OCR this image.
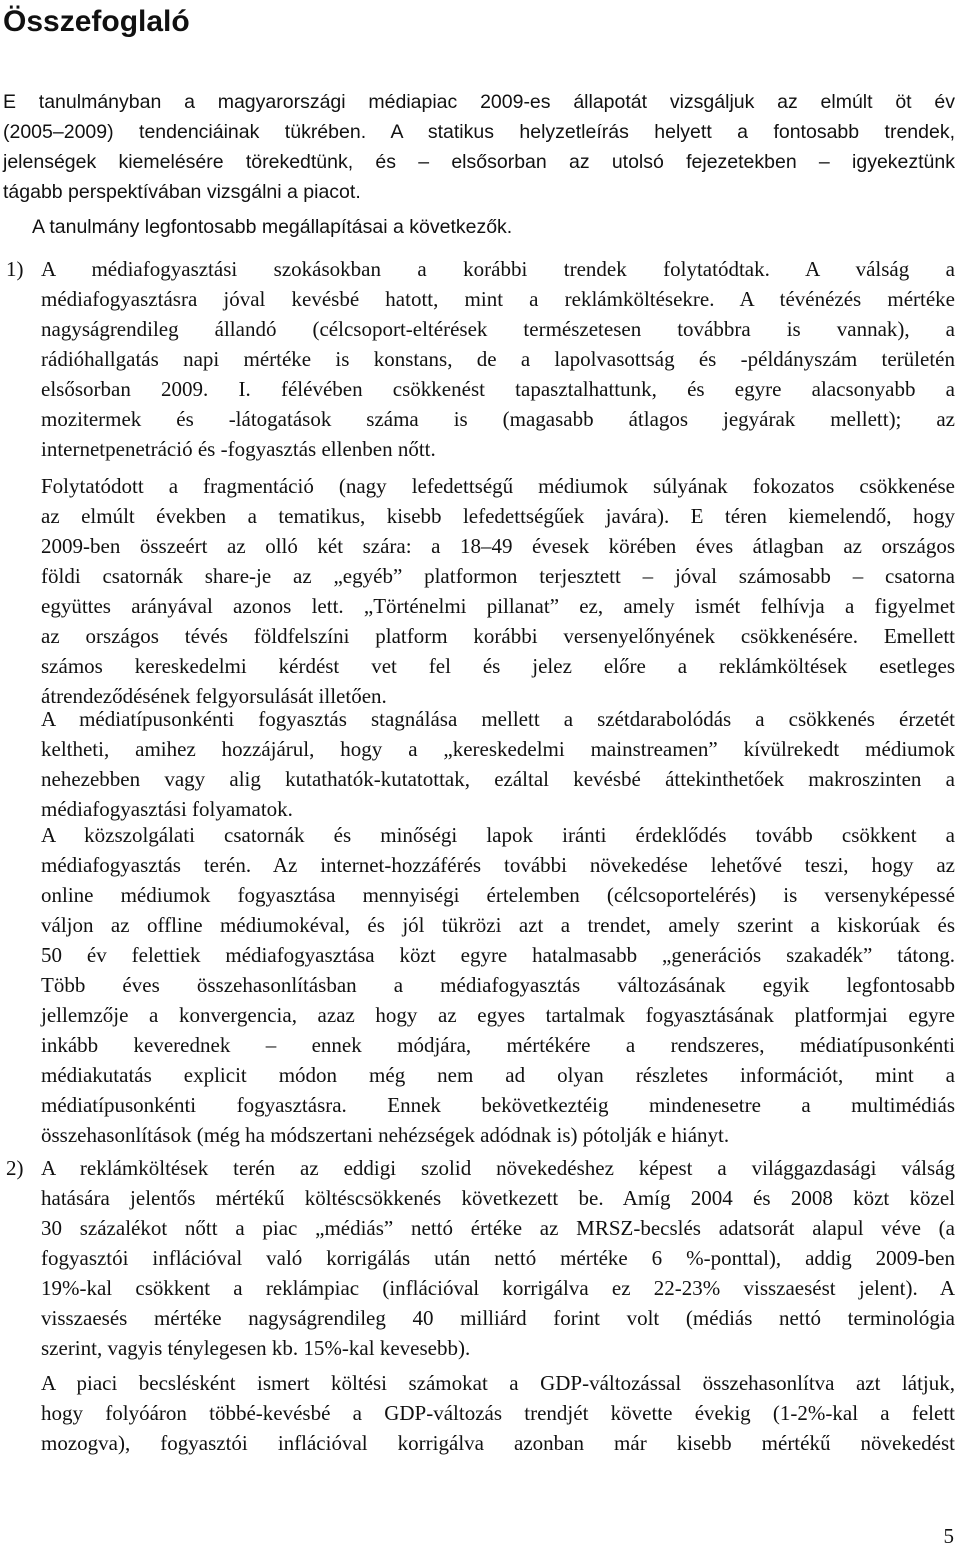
Összefoglaló
E tanulmányban a magyarországi médiapiac 2009-es állapotát vizsgáljuk az elmúlt öt év
(2005–2009) tendenciáinak tükrében. A statikus helyzetleírás helyett a fontosabb trendek,
jelenségek kiemelésére törekedtünk, és – elsősorban az utolsó fejezetekben – igyekeztünk
tágabb perspektívában vizsgálni a piacot.
A tanulmány legfontosabb megállapításai a következők.
1) A médiafogyasztási szokásokban a korábbi trendek folytatódtak. A válság a
médiafogyasztásra jóval kevésbé hatott, mint a reklámköltésekre. A tévénézés mértéke
nagyságrendileg állandó (célcsoport-eltérések természetesen továbbra is vannak), a
rádióhallgatás napi mértéke is konstans, de a lapolvasottság és -példányszám területén
elsősorban 2009. I. félévében csökkenést tapasztalhattunk, és egyre alacsonyabb a
mozitermek és -látogatások száma is (magasabb átlagos jegyárak mellett); az
internetpenetráció és -fogyasztás ellenben nőtt.
Folytatódott a fragmentáció (nagy lefedettségű médiumok súlyának fokozatos csökkenése
az elmúlt években a tematikus, kisebb lefedettségűek javára). E téren kiemelendő, hogy
2009-ben összeért az olló két szára: a 18–49 évesek körében éves átlagban az országos
földi csatornák share-je az „egyéb” platformon terjesztett – jóval számosabb – csatorna
együttes arányával azonos lett. „Történelmi pillanat” ez, amely ismét felhívja a figyelmet
az országos tévés földfelszíni platform korábbi versenyelőnyének csökkenésére. Emellett
számos kereskedelmi kérdést vet fel és jelez előre a reklámköltések esetleges
átrendeződésének felgyorsulását illetően.
A médiatípusonkénti fogyasztás stagnálása mellett a szétdarabolódás a csökkenés érzetét
keltheti, amihez hozzájárul, hogy a „kereskedelmi mainstreamen” kívülrekedt médiumok
nehezebben vagy alig kutathatók-kutatottak, ezáltal kevésbé áttekinthetőek makroszinten a
médiafogyasztási folyamatok.
A közszolgálati csatornák és minőségi lapok iránti érdeklődés tovább csökkent a
médiafogyasztás terén. Az internet-hozzáférés további növekedése lehetővé teszi, hogy az
online médiumok fogyasztása mennyiségi értelemben (célcsoportelérés) is versenyképessé
váljon az offline médiumokéval, és jól tükrözi azt a trendet, amely szerint a kiskorúak és
50 év felettiek médiafogyasztása közt egyre hatalmasabb „generációs szakadék” tátong.
Több éves összehasonlításban a médiafogyasztás változásának egyik legfontosabb
jellemzője a konvergencia, azaz hogy az egyes tartalmak fogyasztásának platformjai egyre
inkább keverednek – ennek módjára, mértékére a rendszeres, médiatípusonkénti
médiakutatás explicit módon még nem ad olyan részletes információt, mint a
médiatípusonkénti fogyasztásra. Ennek bekövetkeztéig mindenesetre a multimédiás
összehasonlítások (még ha módszertani nehézségek adódnak is) pótolják e hiányt.
2) A reklámköltések terén az eddigi szolid növekedéshez képest a világgazdasági válság
hatására jelentős mértékű költéscsökkenés következett be. Amíg 2004 és 2008 közt közel
30 százalékot nőtt a piac „médiás” nettó értéke az MRSZ-becslés adatsorát alapul véve (a
fogyasztói inflációval való korrigálás után nettó mértéke 6 %-ponttal), addig 2009-ben
19%-kal csökkent a reklámpiac (inflációval korrigálva ez 22-23% visszaesést jelent). A
visszaesés mértéke nagyságrendileg 40 milliárd forint volt (médiás nettó terminológia
szerint, vagyis ténylegesen kb. 15%-kal kevesebb).
A piaci becslésként ismert költési számokat a GDP-változással összehasonlítva azt látjuk,
hogy folyóáron többé-kevésbé a GDP-változás trendjét követte évekig (1-2%-kal a felett
mozogva), fogyasztói inflációval korrigálva azonban már kisebb mértékű növekedést
5
